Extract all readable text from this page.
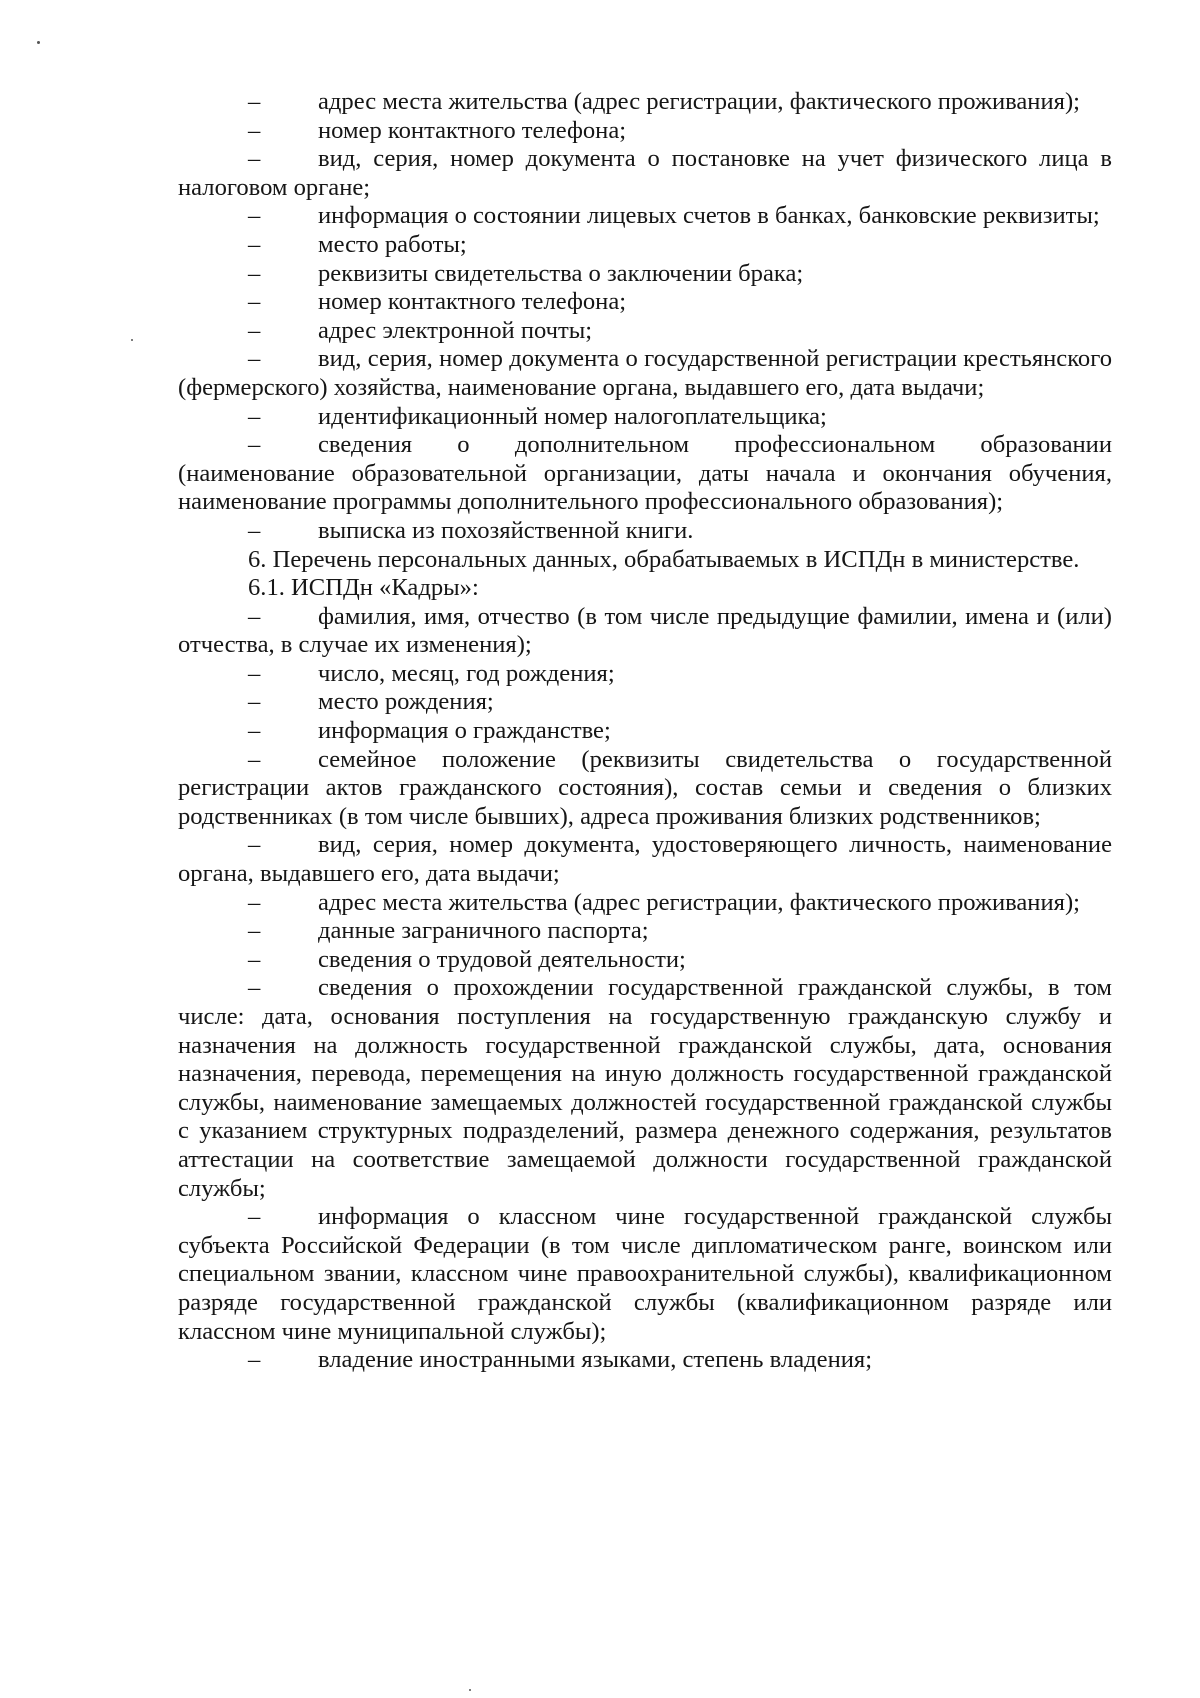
– адрес места жительства (адрес регистрации, фактического проживания);

– номер контактного телефона;

– вид, серия, номер документа о постановке на учет физического лица в налоговом органе;

– информация о состоянии лицевых счетов в банках, банковские реквизиты;

– место работы;

– реквизиты свидетельства о заключении брака;

– номер контактного телефона;

– адрес электронной почты;

– вид, серия, номер документа о государственной регистрации крестьянского (фермерского) хозяйства, наименование органа, выдавшего его, дата выдачи;

– идентификационный номер налогоплательщика;

– сведения о дополнительном профессиональном образовании (наименование образовательной организации, даты начала и окончания обучения, наименование программы дополнительного профессионального образования);

– выписка из похозяйственной книги.

6. Перечень персональных данных, обрабатываемых в ИСПДн в министерстве.

6.1. ИСПДн «Кадры»:

– фамилия, имя, отчество (в том числе предыдущие фамилии, имена и (или) отчества, в случае их изменения);

– число, месяц, год рождения;

– место рождения;

– информация о гражданстве;

– семейное положение (реквизиты свидетельства о государственной регистрации актов гражданского состояния), состав семьи и сведения о близких родственниках (в том числе бывших), адреса проживания близких родственников;

– вид, серия, номер документа, удостоверяющего личность, наименование органа, выдавшего его, дата выдачи;

– адрес места жительства (адрес регистрации, фактического проживания);

– данные заграничного паспорта;

– сведения о трудовой деятельности;

– сведения о прохождении государственной гражданской службы, в том числе: дата, основания поступления на государственную гражданскую службу и назначения на должность государственной гражданской службы, дата, основания назначения, перевода, перемещения на иную должность государственной гражданской службы, наименование замещаемых должностей государственной гражданской службы с указанием структурных подразделений, размера денежного содержания, результатов аттестации на соответствие замещаемой должности государственной гражданской службы;

– информация о классном чине государственной гражданской службы субъекта Российской Федерации (в том числе дипломатическом ранге, воинском или специальном звании, классном чине правоохранительной службы), квалификационном разряде государственной гражданской службы (квалификационном разряде или классном чине муниципальной службы);

– владение иностранными языками, степень владения;
